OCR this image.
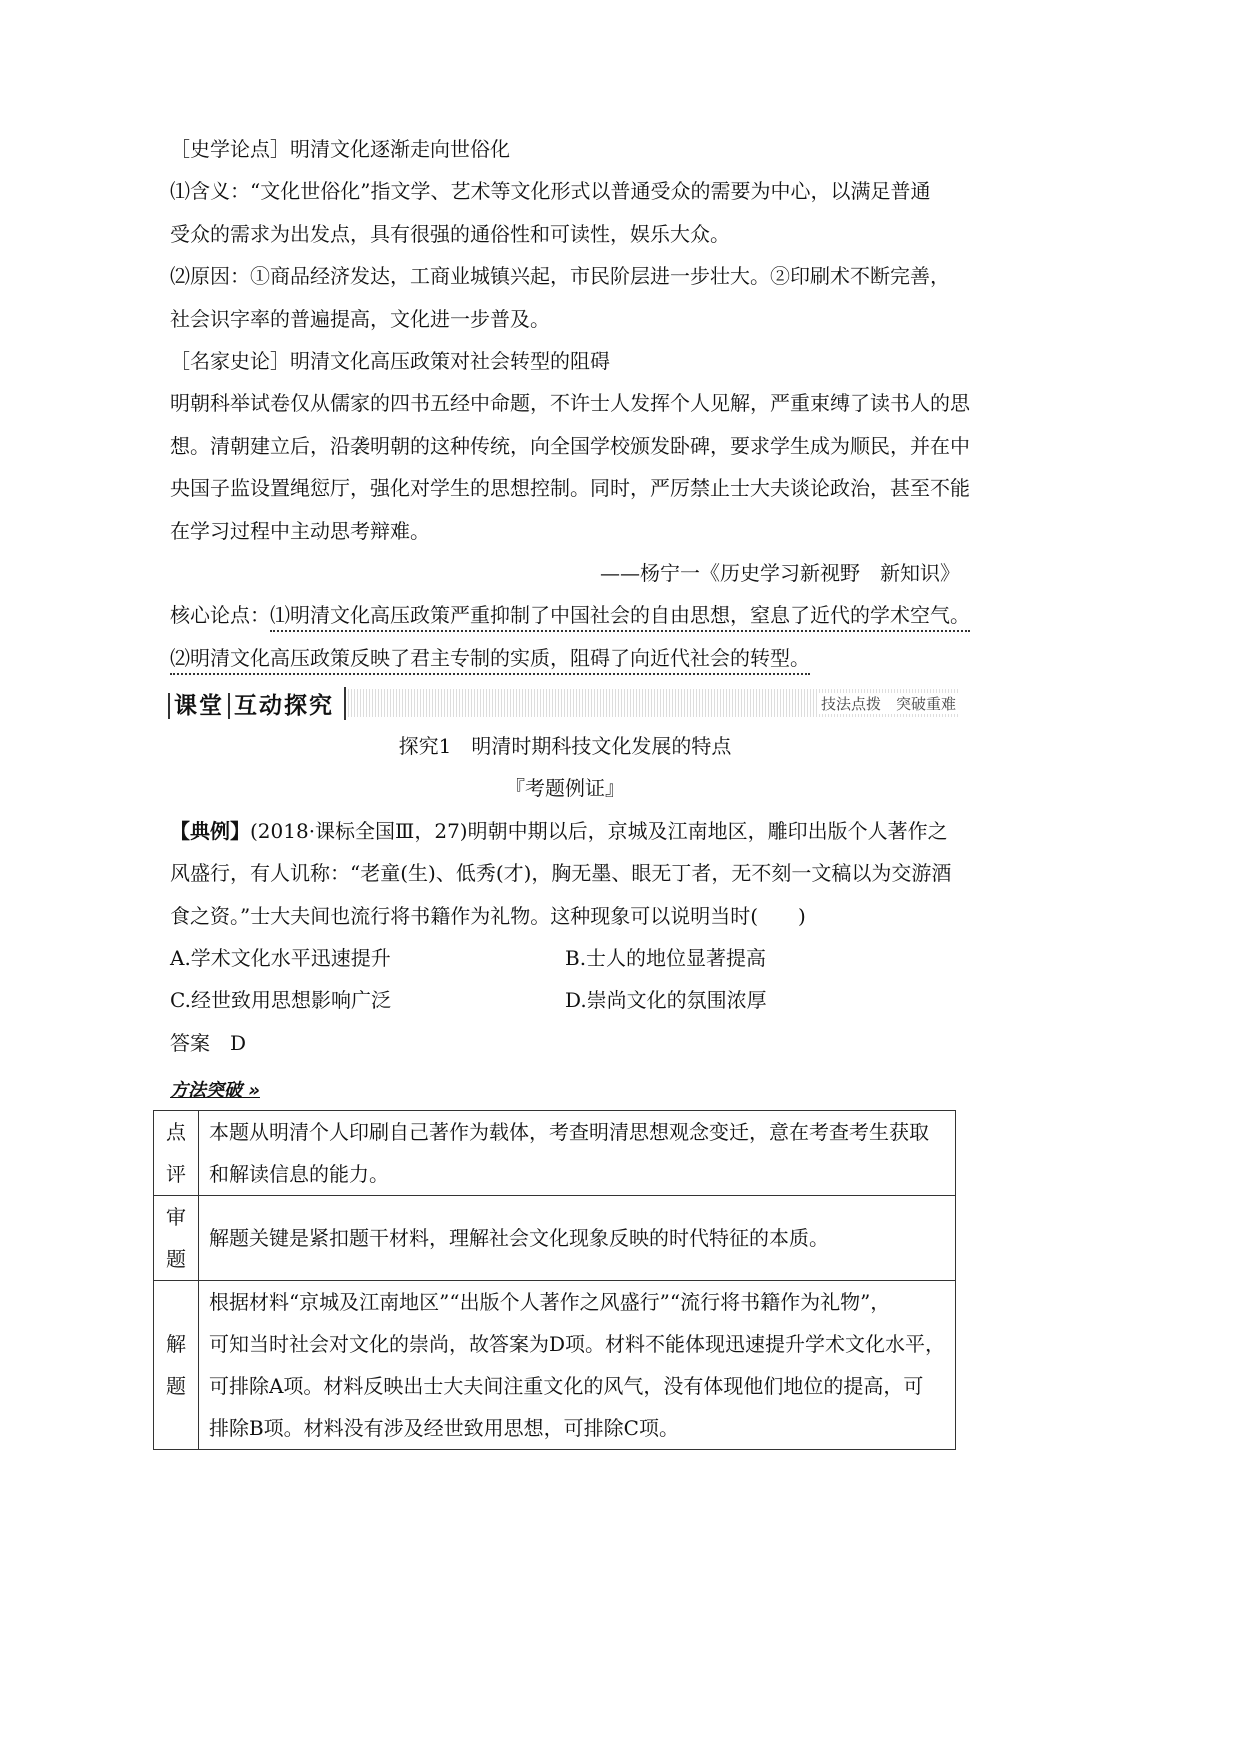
［史学论点］明清文化逐渐走向世俗化
⑴含义：“文化世俗化”指文学、艺术等文化形式以普通受众的需要为中心，以满足普通
受众的需求为出发点，具有很强的通俗性和可读性，娱乐大众。
⑵原因：①商品经济发达，工商业城镇兴起，市民阶层进一步壮大。②印刷术不断完善，
社会识字率的普遍提高，文化进一步普及。
［名家史论］明清文化高压政策对社会转型的阻碍
明朝科举试卷仅从儒家的四书五经中命题，不许士人发挥个人见解，严重束缚了读书人的思
想。清朝建立后，沿袭明朝的这种传统，向全国学校颁发卧碑，要求学生成为顺民，并在中
央国子监设置绳愆厅，强化对学生的思想控制。同时，严厉禁止士大夫谈论政治，甚至不能
在学习过程中主动思考辩难。
——杨宁一《历史学习新视野　新知识》
核心论点：⑴明清文化高压政策严重抑制了中国社会的自由思想，窒息了近代的学术空气。
⑵明清文化高压政策反映了君主专制的实质，阻碍了向近代社会的转型。
课堂 互动探究	技法点拨　突破重难
探究1　明清时期科技文化发展的特点
『考题例证』
【典例】(2018·课标全国Ⅲ，27)明朝中期以后，京城及江南地区，雕印出版个人著作之
风盛行，有人讥称：“老童(生)、低秀(才)，胸无墨、眼无丁者，无不刻一文稿以为交游酒
食之资。”士大夫间也流行将书籍作为礼物。这种现象可以说明当时(　　)
A.学术文化水平迅速提升	B.士人的地位显著提高
C.经世致用思想影响广泛	D.崇尚文化的氛围浓厚
答案　D
方法突破 »
点评	本题从明清个人印刷自己著作为载体，考查明清思想观念变迁，意在考查考生获取
和解读信息的能力。

审题	解题关键是紧扣题干材料，理解社会文化现象反映的时代特征的本质。

解题	根据材料“京城及江南地区”“出版个人著作之风盛行”“流行将书籍作为礼物”，
可知当时社会对文化的崇尚，故答案为D项。材料不能体现迅速提升学术文化水平，
可排除A项。材料反映出士大夫间注重文化的风气，没有体现他们地位的提高，可
排除B项。材料没有涉及经世致用思想，可排除C项。
